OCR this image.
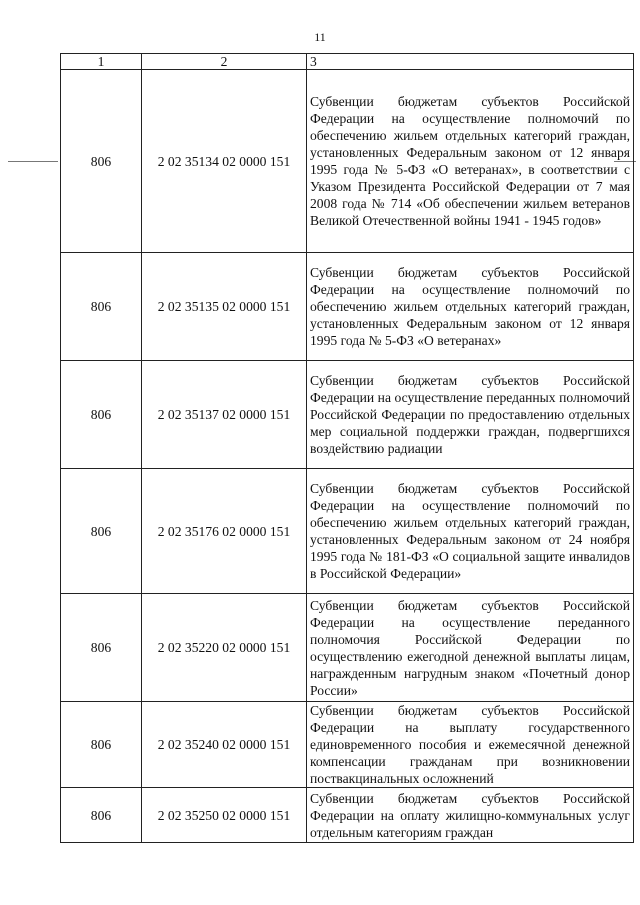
11
1	2	3
806	2 02 35134 02 0000 151	Субвенции бюджетам субъектов Российской Федерации на осуществление полномочий по обеспечению жильем отдельных категорий граждан, установленных Федеральным законом от 12 января 1995 года № 5-ФЗ «О ветеранах», в соответствии с Указом Президента Российской Федерации от 7 мая 2008 года № 714 «Об обеспечении жильем ветеранов Великой Отечественной войны 1941 - 1945 годов»
806	2 02 35135 02 0000 151	Субвенции бюджетам субъектов Российской Федерации на осуществление полномочий по обеспечению жильем отдельных категорий граждан, установленных Федеральным законом от 12 января 1995 года № 5-ФЗ «О ветеранах»
806	2 02 35137 02 0000 151	Субвенции бюджетам субъектов Российской Федерации на осуществление переданных полномочий Российской Федерации по предоставлению отдельных мер социальной поддержки граждан, подвергшихся воздействию радиации
806	2 02 35176 02 0000 151	Субвенции бюджетам субъектов Российской Федерации на осуществление полномочий по обеспечению жильем отдельных категорий граждан, установленных Федеральным законом от 24 ноября 1995 года № 181-ФЗ «О социальной защите инвалидов в Российской Федерации»
806	2 02 35220 02 0000 151	Субвенции бюджетам субъектов Российской Федерации на осуществление переданного полномочия Российской Федерации по осуществлению ежегодной денежной выплаты лицам, награжденным нагрудным знаком «Почетный донор России»
806	2 02 35240 02 0000 151	Субвенции бюджетам субъектов Российской Федерации на выплату государственного единовременного пособия и ежемесячной денежной компенсации гражданам при возникновении поствакцинальных осложнений
806	2 02 35250 02 0000 151	Субвенции бюджетам субъектов Российской Федерации на оплату жилищно-коммунальных услуг отдельным категориям граждан
